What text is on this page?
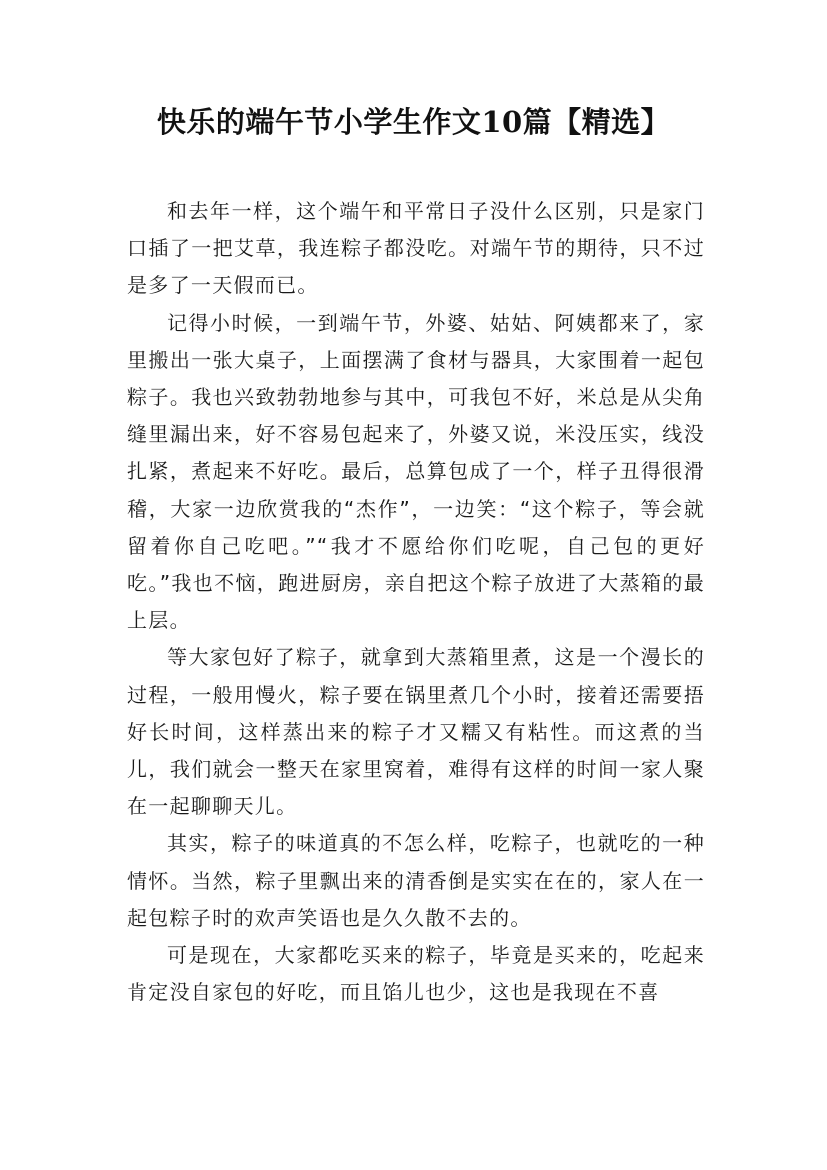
快乐的端午节小学生作文10篇【精选】

和去年一样，这个端午和平常日子没什么区别，只是家门口插了一把艾草，我连粽子都没吃。对端午节的期待，只不过是多了一天假而已。

记得小时候，一到端午节，外婆、姑姑、阿姨都来了，家里搬出一张大桌子，上面摆满了食材与器具，大家围着一起包粽子。我也兴致勃勃地参与其中，可我包不好，米总是从尖角缝里漏出来，好不容易包起来了，外婆又说，米没压实，线没扎紧，煮起来不好吃。最后，总算包成了一个，样子丑得很滑稽，大家一边欣赏我的“杰作”，一边笑：“这个粽子，等会就留着你自己吃吧。”“我才不愿给你们吃呢，自己包的更好吃。”我也不恼，跑进厨房，亲自把这个粽子放进了大蒸箱的最上层。

等大家包好了粽子，就拿到大蒸箱里煮，这是一个漫长的过程，一般用慢火，粽子要在锅里煮几个小时，接着还需要捂好长时间，这样蒸出来的粽子才又糯又有粘性。而这煮的当儿，我们就会一整天在家里窝着，难得有这样的时间一家人聚在一起聊聊天儿。

其实，粽子的味道真的不怎么样，吃粽子，也就吃的一种情怀。当然，粽子里飘出来的清香倒是实实在在的，家人在一起包粽子时的欢声笑语也是久久散不去的。

可是现在，大家都吃买来的粽子，毕竟是买来的，吃起来肯定没自家包的好吃，而且馅儿也少，这也是我现在不喜
